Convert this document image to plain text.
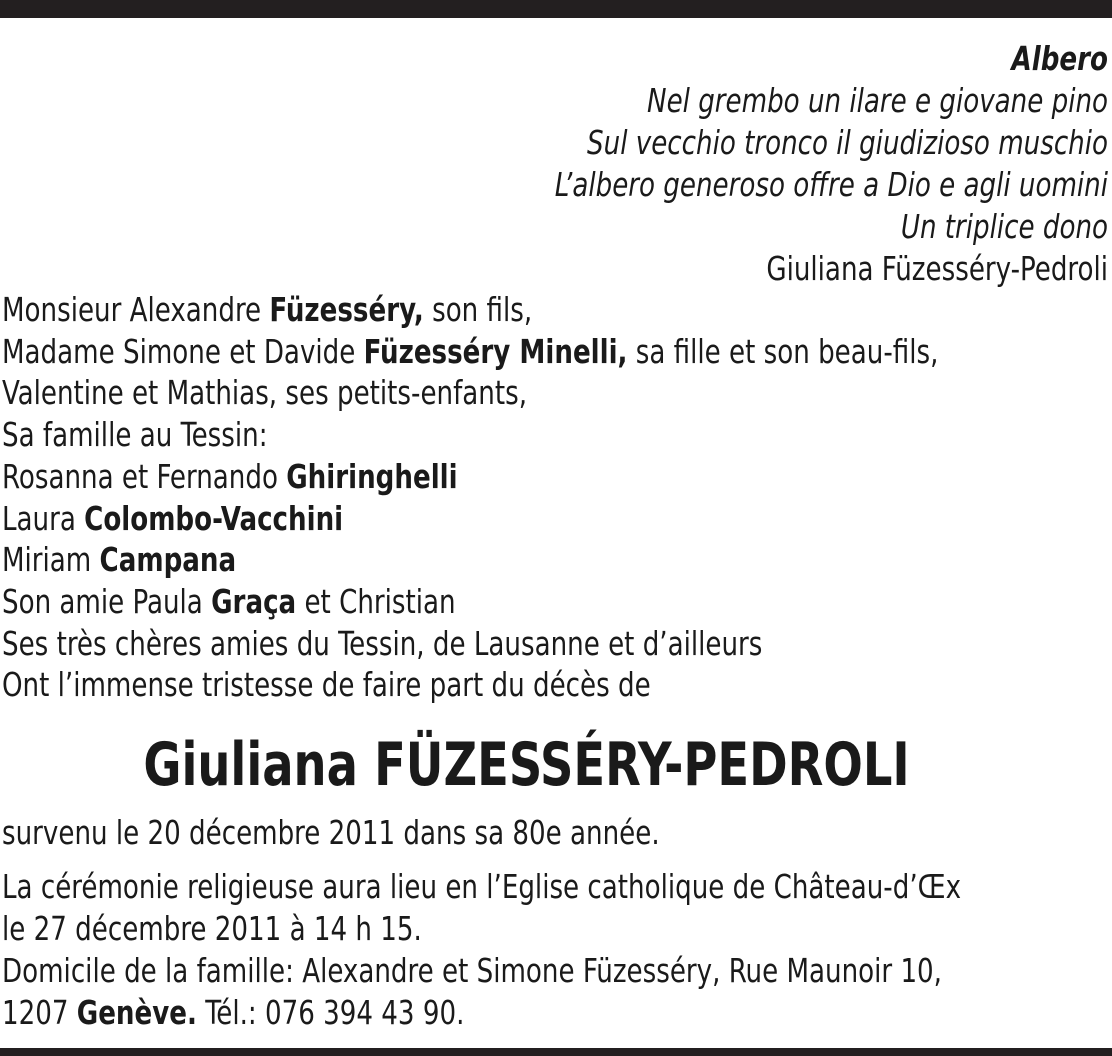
Albero
Nel grembo un ilare e giovane pino
Sul vecchio tronco il giudizioso muschio
L’albero generoso offre a Dio e agli uomini
Un triplice dono
Giuliana Füzesséry-Pedroli
Monsieur Alexandre Füzesséry, son fils,
Madame Simone et Davide Füzesséry Minelli, sa fille et son beau-fils,
Valentine et Mathias, ses petits-enfants,
Sa famille au Tessin:
Rosanna et Fernando Ghiringhelli
Laura Colombo-Vacchini
Miriam Campana
Son amie Paula Graça et Christian
Ses très chères amies du Tessin, de Lausanne et d’ailleurs
Ont l’immense tristesse de faire part du décès de
Giuliana FÜZESSÉRY-PEDROLI
survenu le 20 décembre 2011 dans sa 80e année.
La cérémonie religieuse aura lieu en l’Eglise catholique de Château-d’Œx
le 27 décembre 2011 à 14 h 15.
Domicile de la famille: Alexandre et Simone Füzesséry, Rue Maunoir 10,
1207 Genève. Tél.: 076 394 43 90.
